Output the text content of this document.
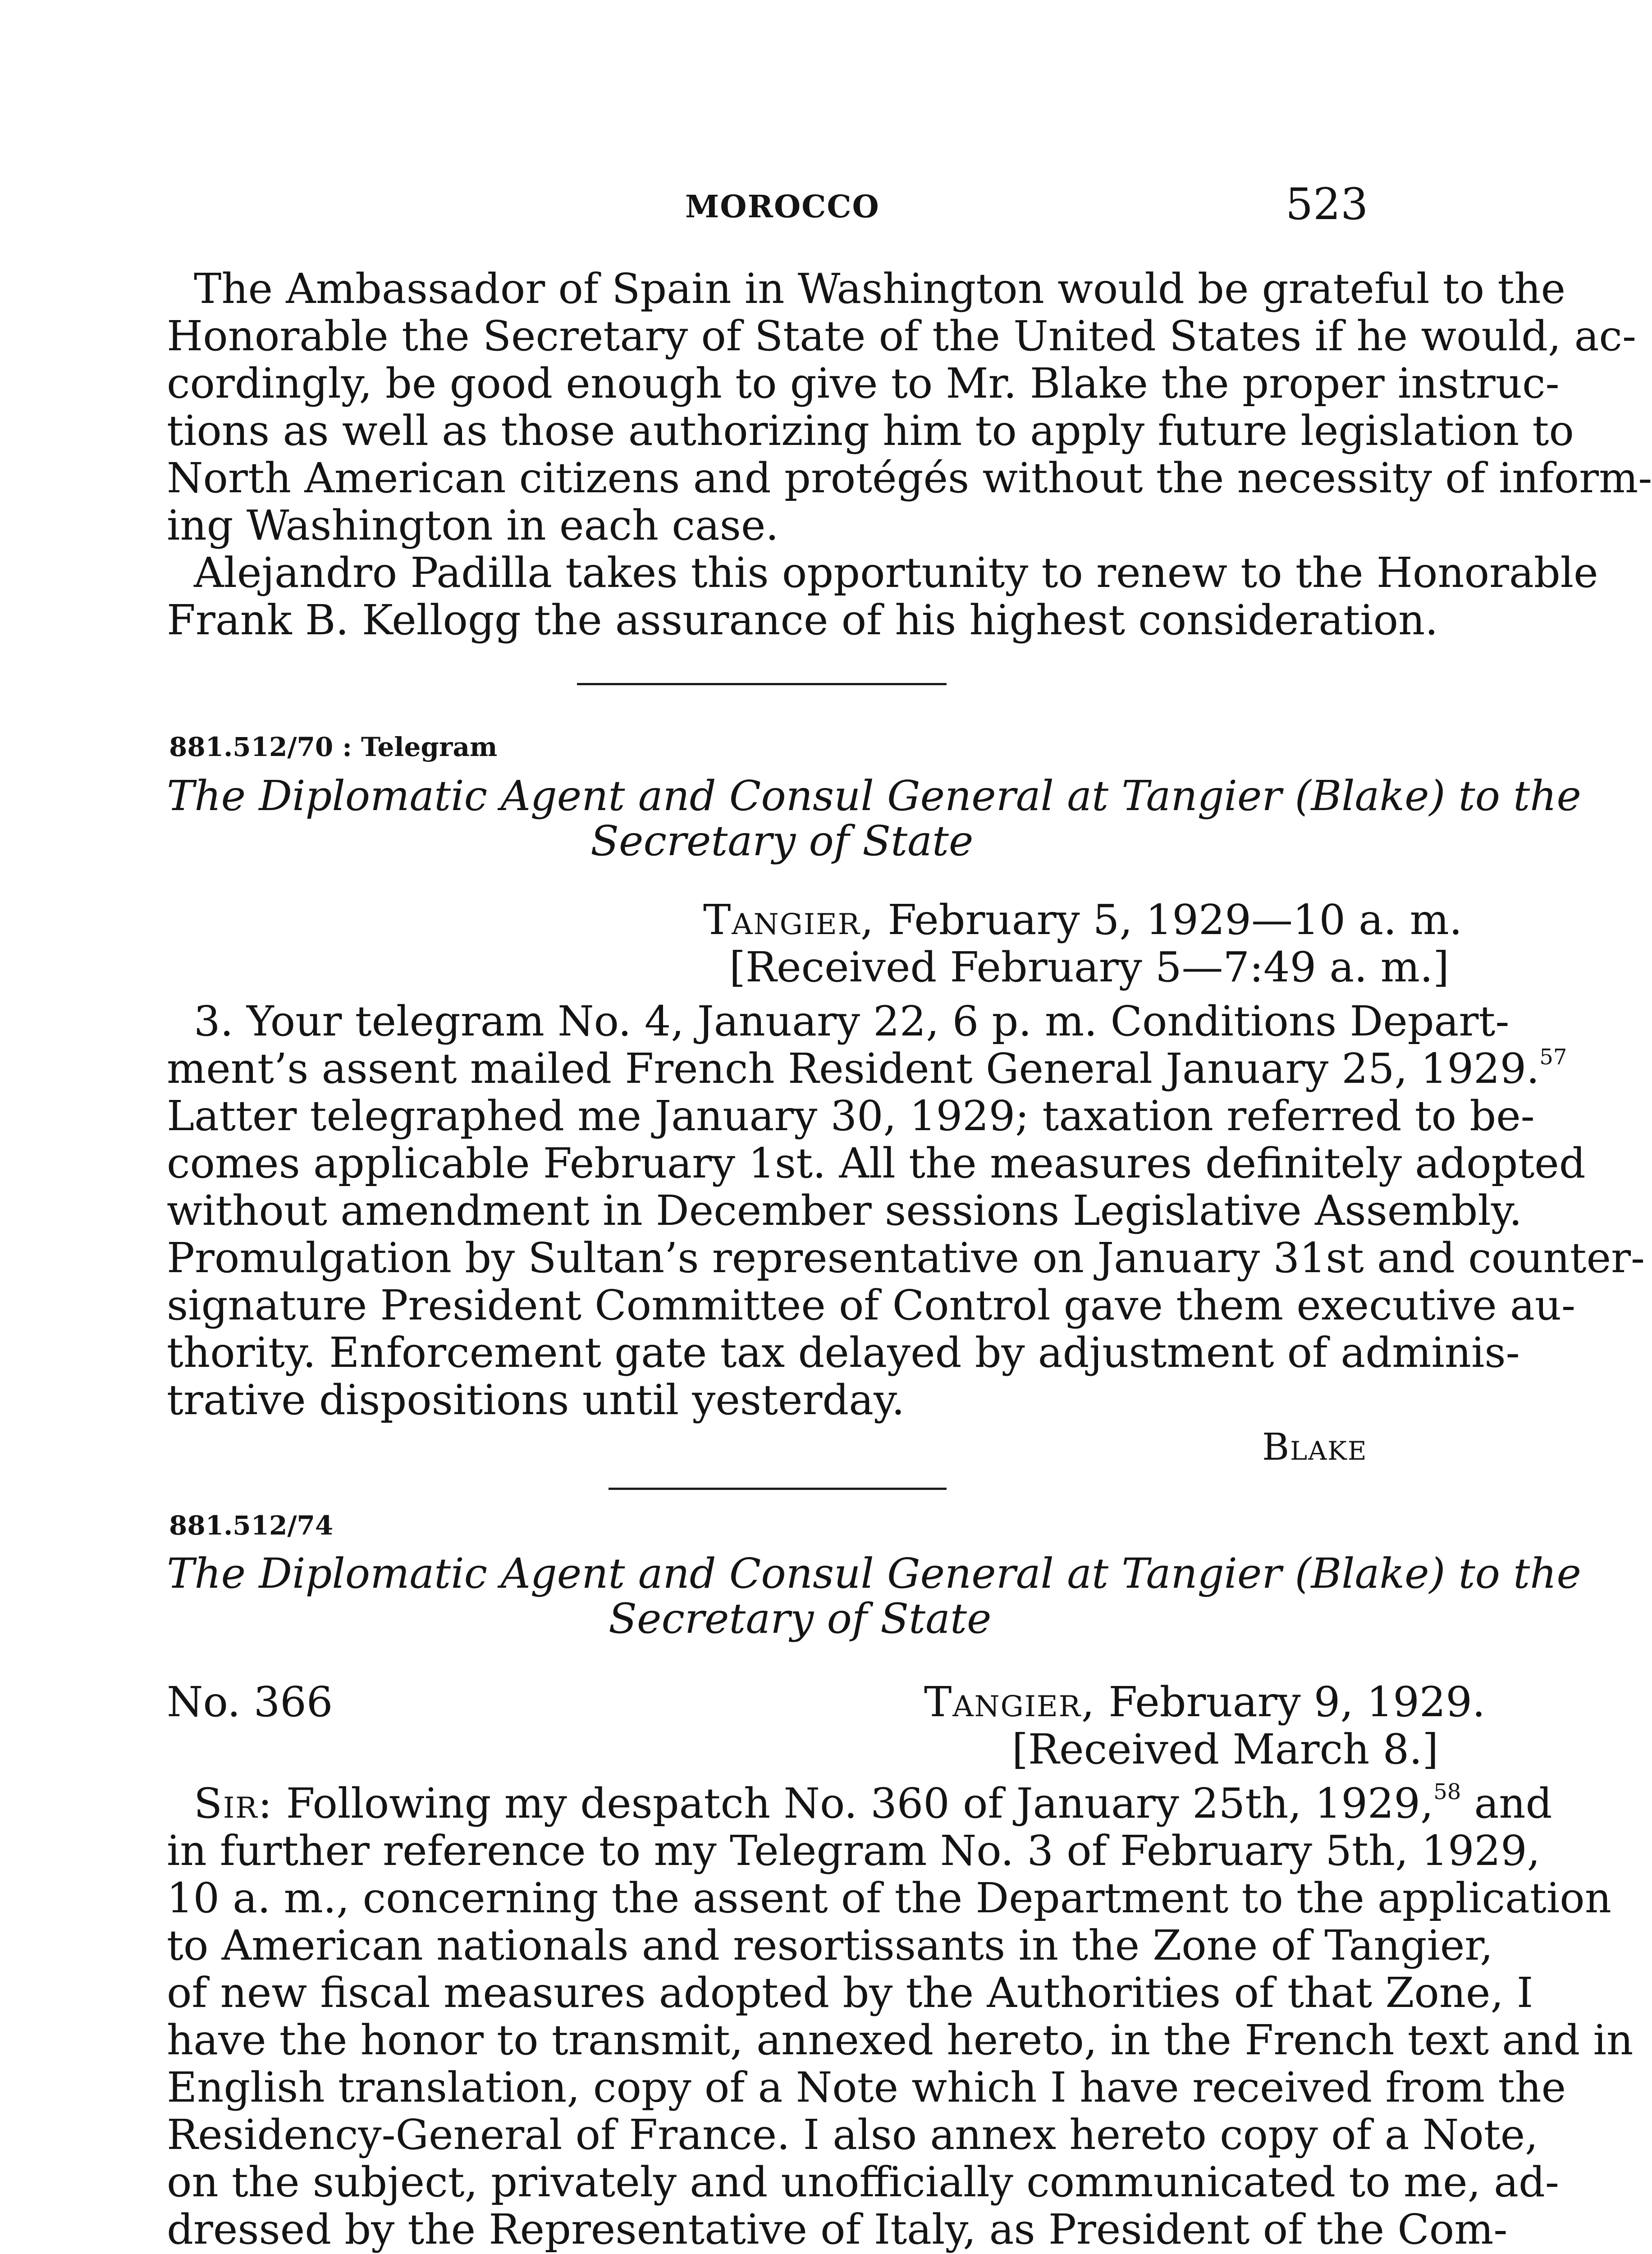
MOROCCO	523
The Ambassador of Spain in Washington would be grateful to the
Honorable the Secretary of State of the United States if he would, ac-
cordingly, be good enough to give to Mr. Blake the proper instruc-
tions as well as those authorizing him to apply future legislation to
North American citizens and protégés without the necessity of inform-
ing Washington in each case.
Alejandro Padilla takes this opportunity to renew to the Honorable
Frank B. Kellogg the assurance of his highest consideration.
881.512/70 : Telegram
The Diplomatic Agent and Consul General at Tangier (Blake) to the
Secretary of State
Tangier, February 5, 1929—10 a. m.
[Received February 5—7:49 a. m.]
3. Your telegram No. 4, January 22, 6 p. m. Conditions Depart-
ment’s assent mailed French Resident General January 25, 1929.57
Latter telegraphed me January 30, 1929; taxation referred to be-
comes applicable February 1st. All the measures definitely adopted
without amendment in December sessions Legislative Assembly.
Promulgation by Sultan’s representative on January 31st and counter-
signature President Committee of Control gave them executive au-
thority. Enforcement gate tax delayed by adjustment of adminis-
trative dispositions until yesterday.
Blake
881.512/74
The Diplomatic Agent and Consul General at Tangier (Blake) to the
Secretary of State
No. 366	Tangier, February 9, 1929.
[Received March 8.]
Sir: Following my despatch No. 360 of January 25th, 1929,58 and
in further reference to my Telegram No. 3 of February 5th, 1929,
10 a. m., concerning the assent of the Department to the application
to American nationals and resortissants in the Zone of Tangier,
of new fiscal measures adopted by the Authorities of that Zone, I
have the honor to transmit, annexed hereto, in the French text and in
English translation, copy of a Note which I have received from the
Residency-General of France. I also annex hereto copy of a Note,
on the subject, privately and unofficially communicated to me, ad-
dressed by the Representative of Italy, as President of the Com-
